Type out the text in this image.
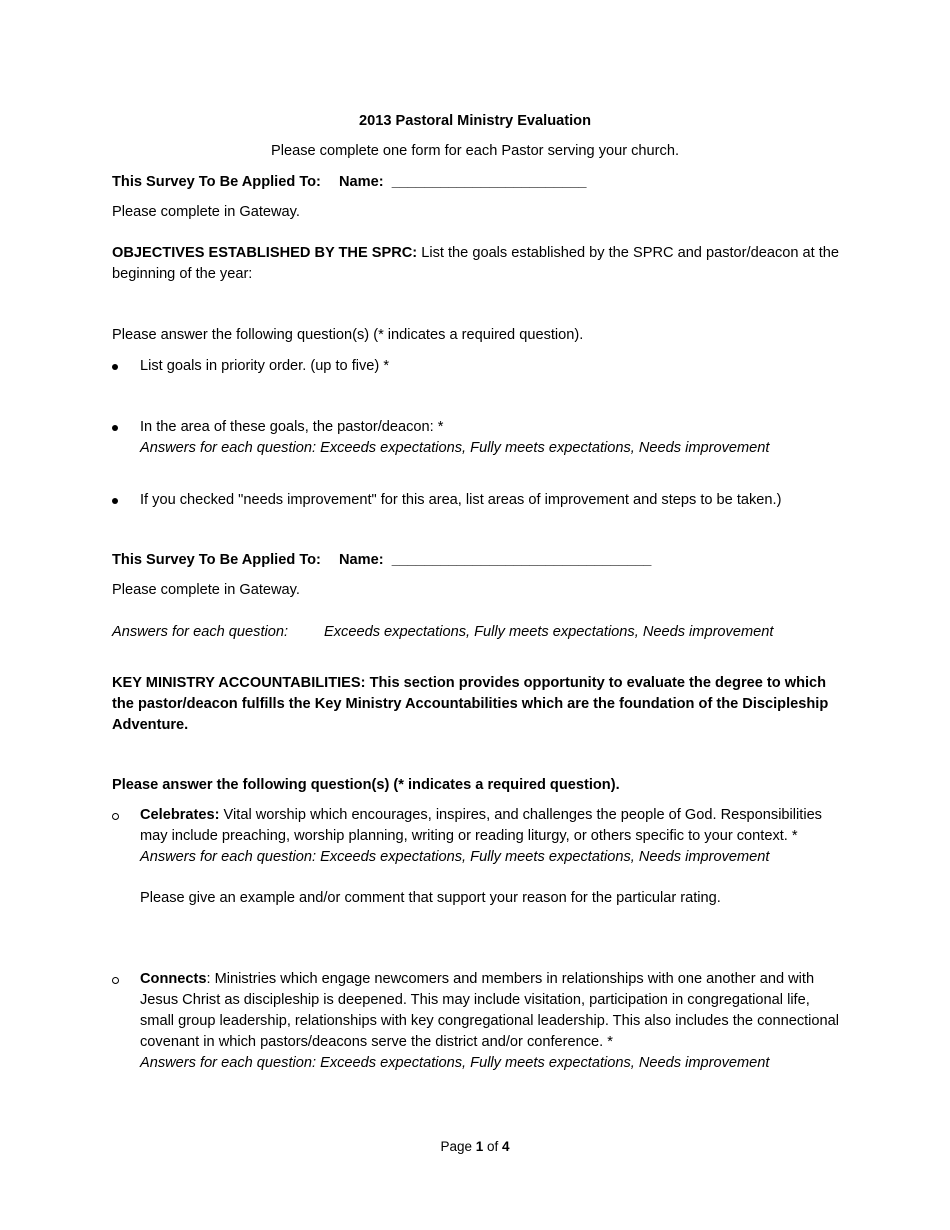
2013 Pastoral Ministry Evaluation
Please complete one form for each Pastor serving your church.
This Survey To Be Applied To: Name: ________________________
Please complete in Gateway.
OBJECTIVES ESTABLISHED BY THE SPRC: List the goals established by the SPRC and pastor/deacon at the beginning of the year:
Please answer the following question(s) (* indicates a required question).
List goals in priority order. (up to five) *
In the area of these goals, the pastor/deacon: *
Answers for each question: Exceeds expectations, Fully meets expectations, Needs improvement
If you checked "needs improvement" for this area, list areas of improvement and steps to be taken.)
This Survey To Be Applied To: Name: ________________________________
Please complete in Gateway.
Answers for each question: Exceeds expectations, Fully meets expectations, Needs improvement
KEY MINISTRY ACCOUNTABILITIES: This section provides opportunity to evaluate the degree to which the pastor/deacon fulfills the Key Ministry Accountabilities which are the foundation of the Discipleship Adventure.
Please answer the following question(s) (* indicates a required question).
Celebrates: Vital worship which encourages, inspires, and challenges the people of God. Responsibilities may include preaching, worship planning, writing or reading liturgy, or others specific to your context. *
Answers for each question: Exceeds expectations, Fully meets expectations, Needs improvement
Please give an example and/or comment that support your reason for the particular rating.
Connects: Ministries which engage newcomers and members in relationships with one another and with Jesus Christ as discipleship is deepened. This may include visitation, participation in congregational life, small group leadership, relationships with key congregational leadership. This also includes the connectional covenant in which pastors/deacons serve the district and/or conference. *
Answers for each question: Exceeds expectations, Fully meets expectations, Needs improvement
Page 1 of 4
